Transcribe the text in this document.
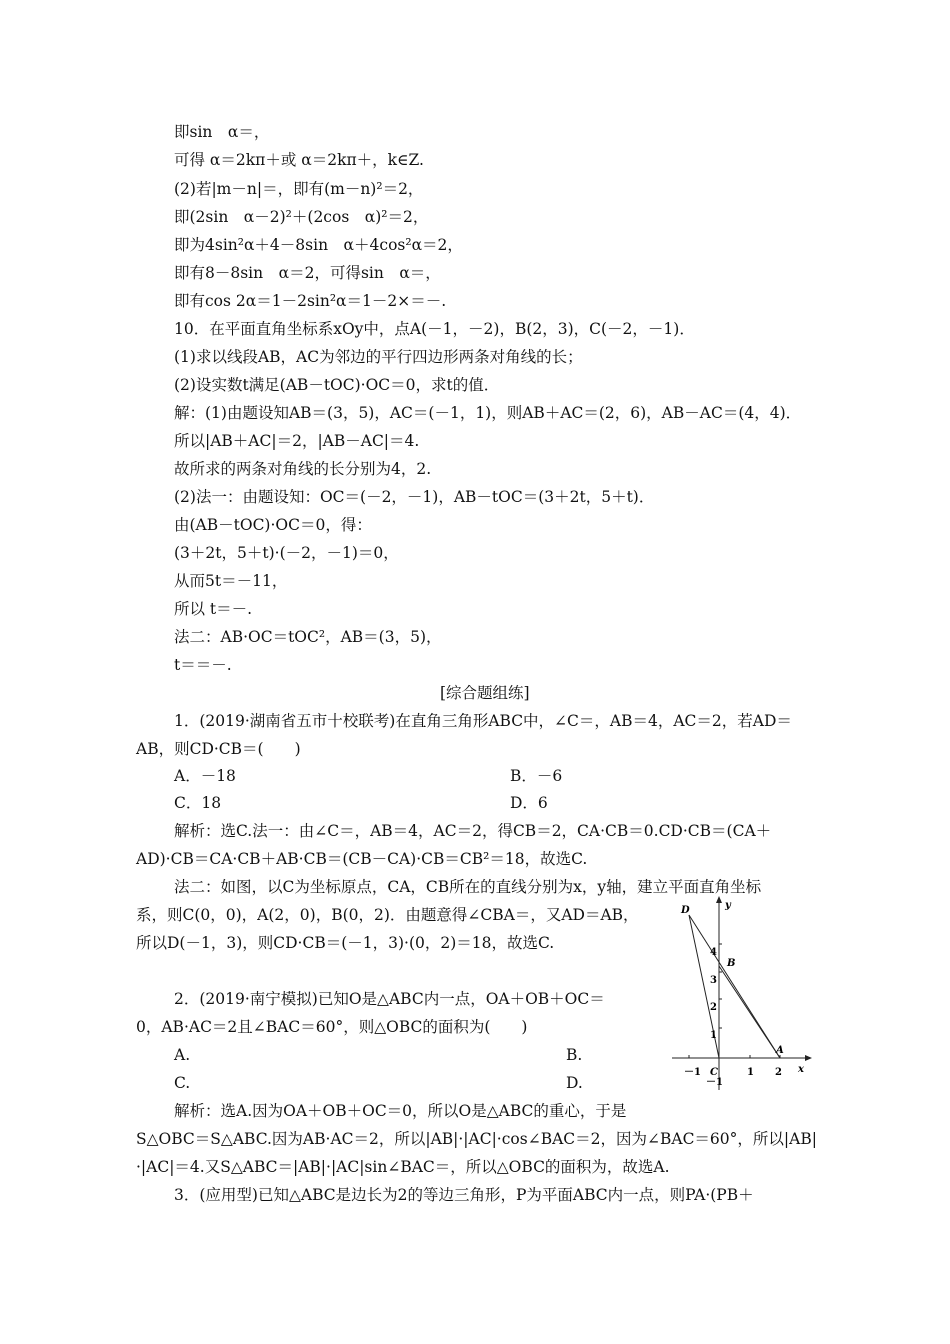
即sin　α＝，
可得 α＝2kπ＋或 α＝2kπ＋，k∈Z.
(2)若|m－n|＝，即有(m－n)²＝2，
即(2sin　α－2)²＋(2cos　α)²＝2，
即为4sin²α＋4－8sin　α＋4cos²α＝2，
即有8－8sin　α＝2，可得sin　α＝，
即有cos 2α＝1－2sin²α＝1－2×＝－.
10．在平面直角坐标系xOy中，点A(－1，－2)，B(2，3)，C(－2，－1)．
(1)求以线段AB，AC为邻边的平行四边形两条对角线的长；
(2)设实数t满足(AB－tOC)·OC＝0，求t的值．
解：(1)由题设知AB＝(3，5)，AC＝(－1，1)，则AB＋AC＝(2，6)，AB－AC＝(4，4)．
所以|AB＋AC|＝2，|AB－AC|＝4.
故所求的两条对角线的长分别为4，2.
(2)法一：由题设知：OC＝(－2，－1)，AB－tOC＝(3＋2t，5＋t)．
由(AB－tOC)·OC＝0，得：
(3＋2t，5＋t)·(－2，－1)＝0，
从而5t＝－11，
所以 t＝－.
法二：AB·OC＝tOC²，AB＝(3，5)，
t＝＝－.
1．(2019·湖南省五市十校联考)在直角三角形ABC中，∠C＝，AB＝4，AC＝2，若AD＝
AB，则CD·CB＝(　　)
A．－18	B．－6
C．18	D．6
解析：选C.法一：由∠C＝，AB＝4，AC＝2，得CB＝2，CA·CB＝0.CD·CB＝(CA＋
AD)·CB＝CA·CB＋AB·CB＝(CB－CA)·CB＝CB²＝18，故选C.
法二：如图，以C为坐标原点，CA，CB所在的直线分别为x，y轴，建立平面直角坐标
系，则C(0，0)，A(2，0)，B(0，2)．由题意得∠CBA＝，又AD＝AB，
所以D(－1，3)，则CD·CB＝(－1，3)·(0，2)＝18，故选C.
2．(2019·南宁模拟)已知O是△ABC内一点，OA＋OB＋OC＝
0，AB·AC＝2且∠BAC＝60°，则△OBC的面积为(　　)
A.	B.
C.	D.
解析：选A.因为OA＋OB＋OC＝0，所以O是△ABC的重心，于是
S△OBC＝S△ABC.因为AB·AC＝2，所以|AB|·|AC|·cos∠BAC＝2，因为∠BAC＝60°，所以|AB|
·|AC|＝4.又S△ABC＝|AB|·|AC|sin∠BAC＝，所以△OBC的面积为，故选A.
3．(应用型)已知△ABC是边长为2的等边三角形，P为平面ABC内一点，则PA·(PB＋
[综合题组练]
y
x
D
B
A
C
－1	1 2
4
3
2
1
－1
